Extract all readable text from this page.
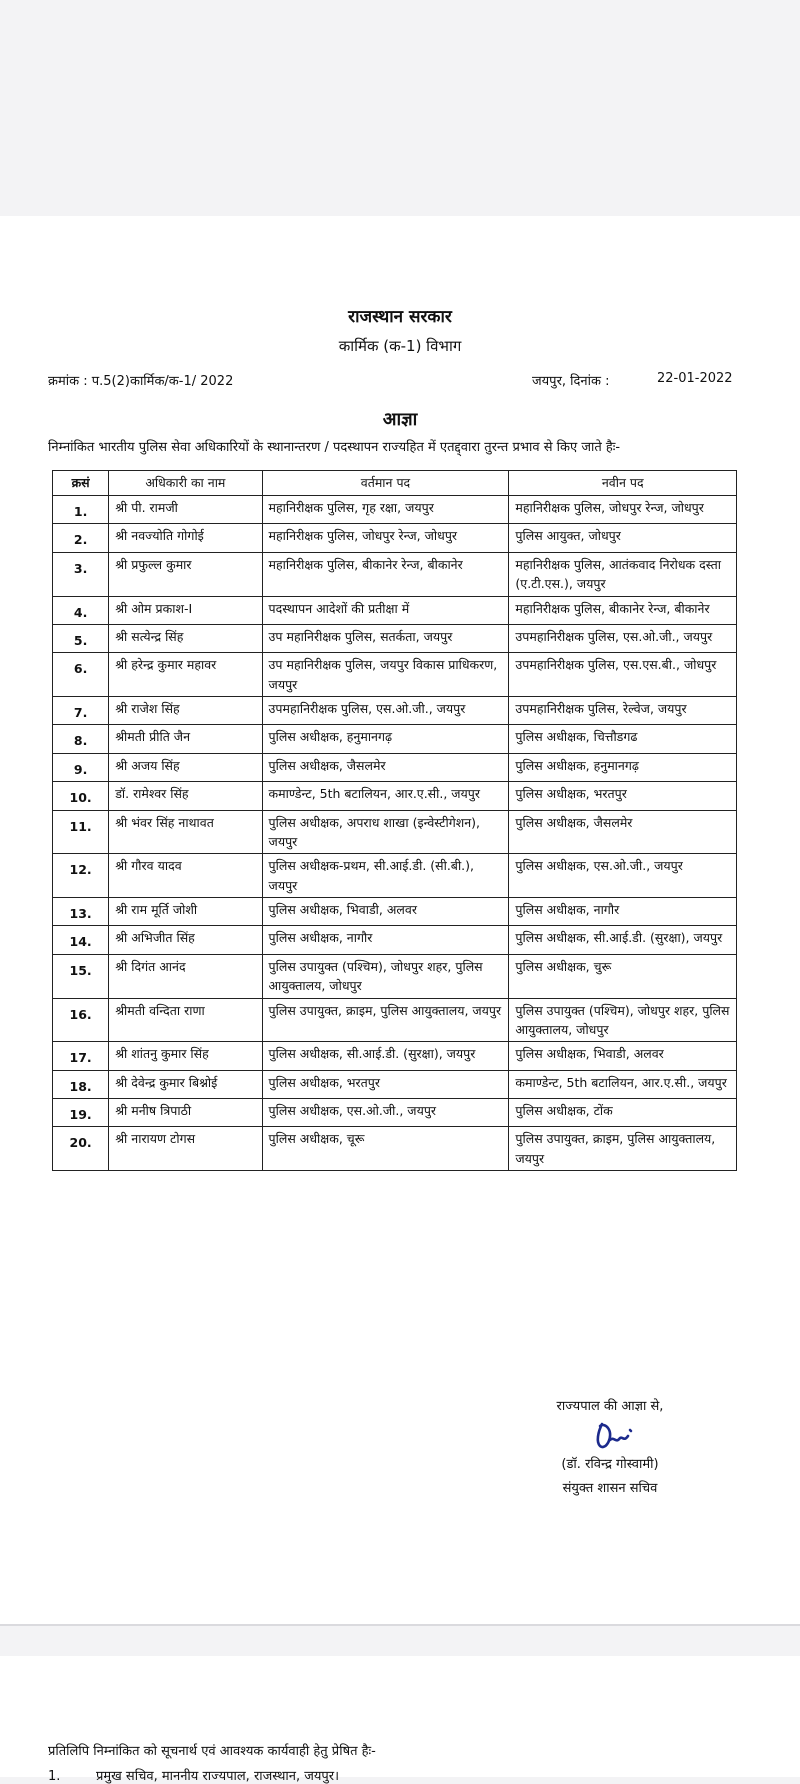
राजस्थान सरकार
कार्मिक (क-1) विभाग
क्रमांक : प.5(2)कार्मिक/क-1/ 2022	जयपुर, दिनांक :	22-01-2022
आज्ञा
निम्नांकित भारतीय पुलिस सेवा अधिकारियों के स्थानान्तरण / पदस्थापन राज्यहित में एतद्द्वारा तुरन्त प्रभाव से किए जाते हैः-
क्रसं	अधिकारी का नाम	वर्तमान पद	नवीन पद
1.	श्री पी. रामजी	महानिरीक्षक पुलिस, गृह रक्षा, जयपुर	महानिरीक्षक पुलिस, जोधपुर रेन्ज, जोधपुर
2.	श्री नवज्योति गोगोई	महानिरीक्षक पुलिस, जोधपुर रेन्ज, जोधपुर	पुलिस आयुक्त, जोधपुर
3.	श्री प्रफुल्ल कुमार	महानिरीक्षक पुलिस, बीकानेर रेन्ज, बीकानेर	महानिरीक्षक पुलिस, आतंकवाद निरोधक दस्ता (ए.टी.एस.), जयपुर
4.	श्री ओम प्रकाश-I	पदस्थापन आदेशों की प्रतीक्षा में	महानिरीक्षक पुलिस, बीकानेर रेन्ज, बीकानेर
5.	श्री सत्येन्द्र सिंह	उप महानिरीक्षक पुलिस, सतर्कता, जयपुर	उपमहानिरीक्षक पुलिस, एस.ओ.जी., जयपुर
6.	श्री हरेन्द्र कुमार महावर	उप महानिरीक्षक पुलिस, जयपुर विकास प्राधिकरण, जयपुर	उपमहानिरीक्षक पुलिस, एस.एस.बी., जोधपुर
7.	श्री राजेश सिंह	उपमहानिरीक्षक पुलिस, एस.ओ.जी., जयपुर	उपमहानिरीक्षक पुलिस, रेल्वेज, जयपुर
8.	श्रीमती प्रीति जैन	पुलिस अधीक्षक, हनुमानगढ़	पुलिस अधीक्षक, चित्तौडगढ
9.	श्री अजय सिंह	पुलिस अधीक्षक, जैसलमेर	पुलिस अधीक्षक, हनुमानगढ़
10.	डॉ. रामेश्वर सिंह	कमाण्डेन्ट, 5th बटालियन, आर.ए.सी., जयपुर	पुलिस अधीक्षक, भरतपुर
11.	श्री भंवर सिंह नाथावत	पुलिस अधीक्षक, अपराध शाखा (इन्वेस्टीगेशन), जयपुर	पुलिस अधीक्षक, जैसलमेर
12.	श्री गौरव यादव	पुलिस अधीक्षक-प्रथम, सी.आई.डी. (सी.बी.), जयपुर	पुलिस अधीक्षक, एस.ओ.जी., जयपुर
13.	श्री राम मूर्ति जोशी	पुलिस अधीक्षक, भिवाडी, अलवर	पुलिस अधीक्षक, नागौर
14.	श्री अभिजीत सिंह	पुलिस अधीक्षक, नागौर	पुलिस अधीक्षक, सी.आई.डी. (सुरक्षा), जयपुर
15.	श्री दिगंत आनंद	पुलिस उपायुक्त (पश्चिम), जोधपुर शहर, पुलिस आयुक्तालय, जोधपुर	पुलिस अधीक्षक, चुरू
16.	श्रीमती वन्दिता राणा	पुलिस उपायुक्त, क्राइम, पुलिस आयुक्तालय, जयपुर	पुलिस उपायुक्त (पश्चिम), जोधपुर शहर, पुलिस आयुक्तालय, जोधपुर
17.	श्री शांतनु कुमार सिंह	पुलिस अधीक्षक, सी.आई.डी. (सुरक्षा), जयपुर	पुलिस अधीक्षक, भिवाडी, अलवर
18.	श्री देवेन्द्र कुमार बिश्नोई	पुलिस अधीक्षक, भरतपुर	कमाण्डेन्ट, 5th बटालियन, आर.ए.सी., जयपुर
19.	श्री मनीष त्रिपाठी	पुलिस अधीक्षक, एस.ओ.जी., जयपुर	पुलिस अधीक्षक, टोंक
20.	श्री नारायण टोगस	पुलिस अधीक्षक, चूरू	पुलिस उपायुक्त, क्राइम, पुलिस आयुक्तालय, जयपुर
राज्यपाल की आज्ञा से,
(डॉ. रविन्द्र गोस्वामी)
संयुक्त शासन सचिव
प्रतिलिपि निम्नांकित को सूचनार्थ एवं आवश्यक कार्यवाही हेतु प्रेषित हैः-
1.	प्रमुख सचिव, माननीय राज्यपाल, राजस्थान, जयपुर।
